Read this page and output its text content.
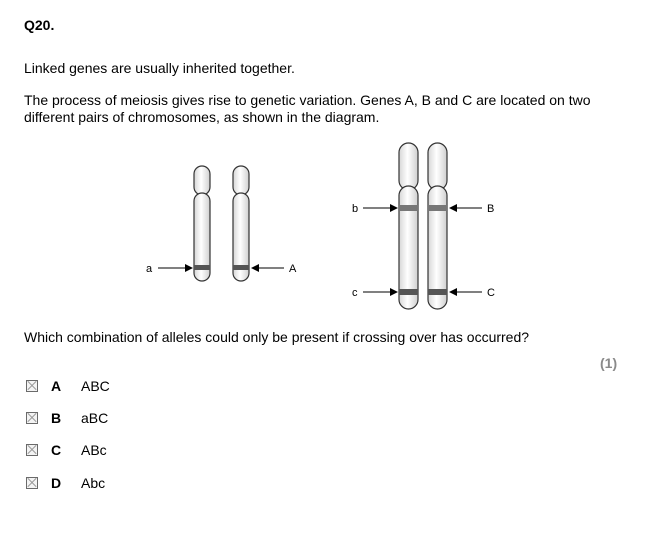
Q20.
Linked genes are usually inherited together.
The process of meiosis gives rise to genetic variation. Genes A, B and C are located on two different pairs of chromosomes, as shown in the diagram.
a	A
b	B
c	C
Which combination of alleles could only be present if crossing over has occurred?
(1)
A ABC
B aBC
C ABc
D Abc
